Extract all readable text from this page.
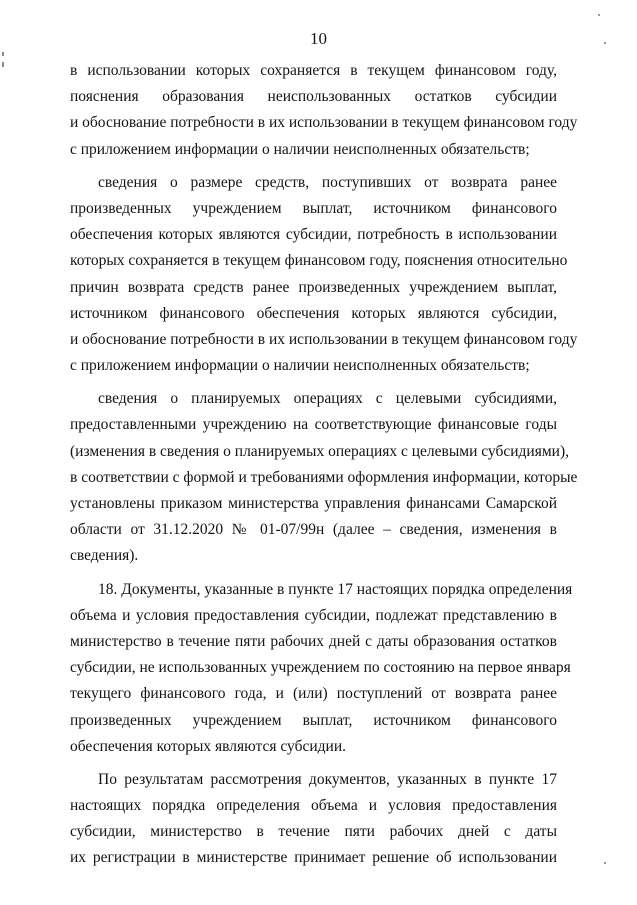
10
в использовании которых сохраняется в текущем финансовом году,
пояснения образования неиспользованных остатков субсидии
и обоснование потребности в их использовании в текущем финансовом году
с приложением информации о наличии неисполненных обязательств;
сведения о размере средств, поступивших от возврата ранее
произведенных учреждением выплат, источником финансового
обеспечения которых являются субсидии, потребность в использовании
которых сохраняется в текущем финансовом году, пояснения относительно
причин возврата средств ранее произведенных учреждением выплат,
источником финансового обеспечения которых являются субсидии,
и обоснование потребности в их использовании в текущем финансовом году
с приложением информации о наличии неисполненных обязательств;
сведения о планируемых операциях с целевыми субсидиями,
предоставленными учреждению на соответствующие финансовые годы
(изменения в сведения о планируемых операциях с целевыми субсидиями),
в соответствии с формой и требованиями оформления информации, которые
установлены приказом министерства управления финансами Самарской
области от 31.12.2020 № 01-07/99н (далее – сведения, изменения в
сведения).
18. Документы, указанные в пункте 17 настоящих порядка определения
объема и условия предоставления субсидии, подлежат представлению в
министерство в течение пяти рабочих дней с даты образования остатков
субсидии, не использованных учреждением по состоянию на первое января
текущего финансового года, и (или) поступлений от возврата ранее
произведенных учреждением выплат, источником финансового
обеспечения которых являются субсидии.
По результатам рассмотрения документов, указанных в пункте 17
настоящих порядка определения объема и условия предоставления
субсидии, министерство в течение пяти рабочих дней с даты
их регистрации в министерстве принимает решение об использовании
